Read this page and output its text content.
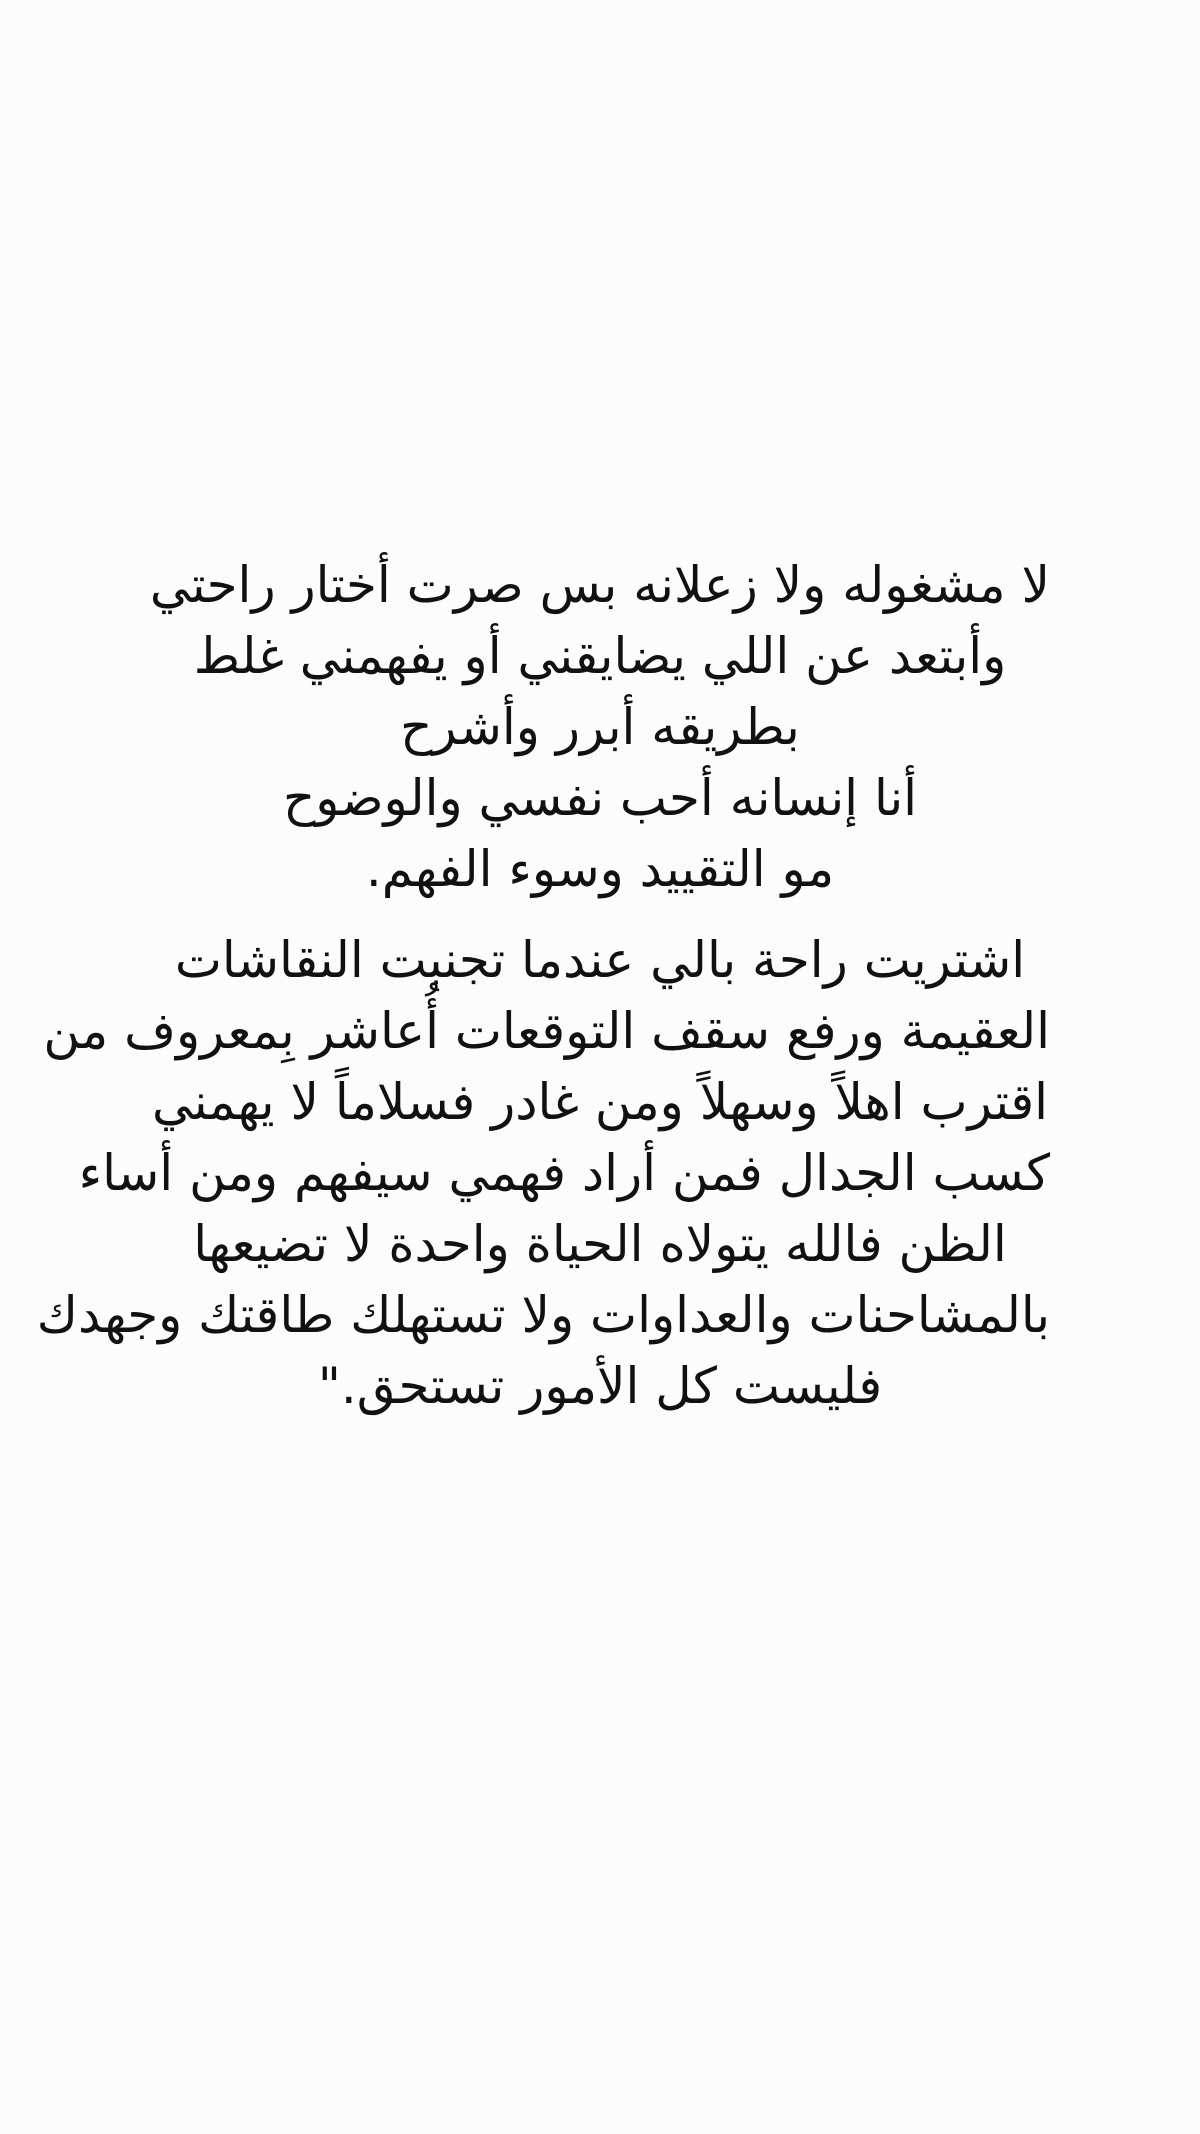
لا مشغوله ولا زعلانه بس صرت أختار راحتي
وأبتعد عن اللي يضايقني أو يفهمني غلط
بطريقه أبرر وأشرح
أنا إنسانه أحب نفسي والوضوح
مو التقييد وسوء الفهم.
اشتريت راحة بالي عندما تجنبت النقاشات
العقيمة ورفع سقف التوقعات أُعاشر بِمعروف من
اقترب اهلاً وسهلاً ومن غادر فسلاماً لا يهمني
كسب الجدال فمن أراد فهمي سيفهم ومن أساء
الظن فالله يتولاه الحياة واحدة لا تضيعها
بالمشاحنات والعداوات ولا تستهلك طاقتك وجهدك
فليست كل الأمور تستحق."
